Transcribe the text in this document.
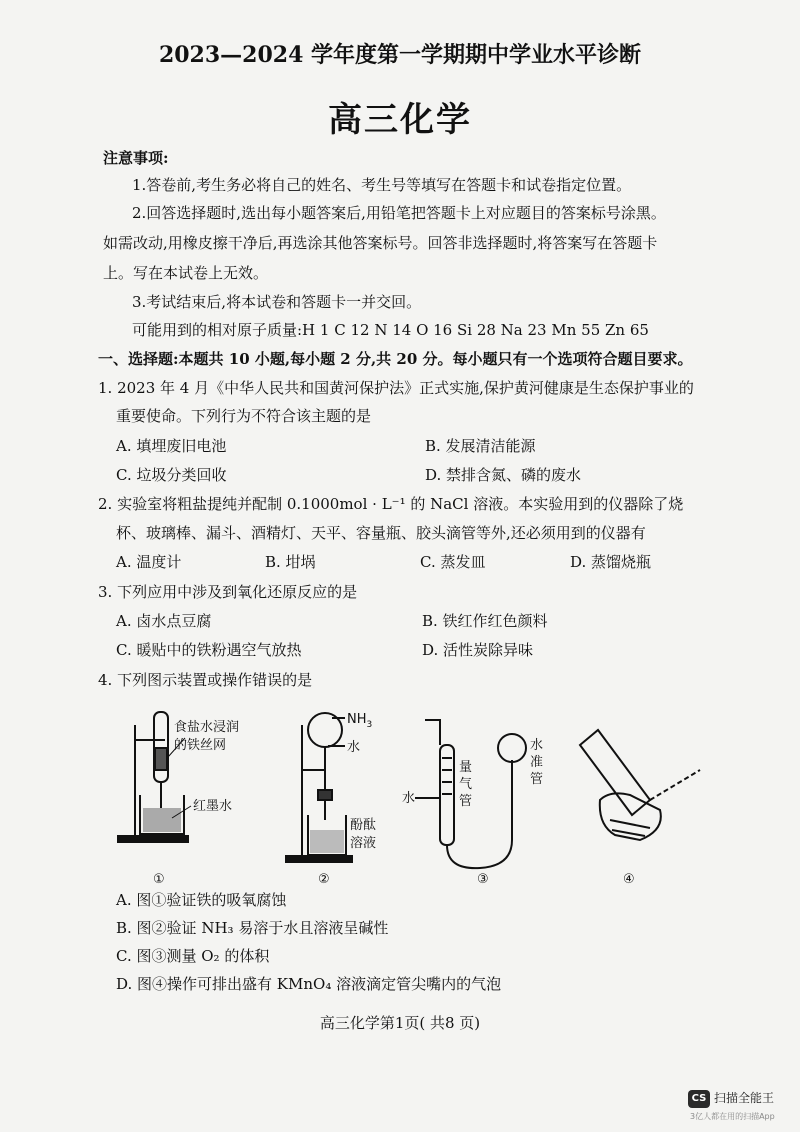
2023—2024 学年度第一学期期中学业水平诊断
高三化学
注意事项:
1.答卷前,考生务必将自己的姓名、考生号等填写在答题卡和试卷指定位置。
2.回答选择题时,选出每小题答案后,用铅笔把答题卡上对应题目的答案标号涂黑。
如需改动,用橡皮擦干净后,再选涂其他答案标号。回答非选择题时,将答案写在答题卡
上。写在本试卷上无效。
3.考试结束后,将本试卷和答题卡一并交回。
可能用到的相对原子质量:H 1 C 12 N 14 O 16 Si 28 Na 23 Mn 55 Zn 65
一、选择题:本题共 10 小题,每小题 2 分,共 20 分。每小题只有一个选项符合题目要求。
1. 2023 年 4 月《中华人民共和国黄河保护法》正式实施,保护黄河健康是生态保护事业的
重要使命。下列行为不符合该主题的是
A. 填埋废旧电池	B. 发展清洁能源
C. 垃圾分类回收	D. 禁排含氮、磷的废水
2. 实验室将粗盐提纯并配制 0.1000mol · L⁻¹ 的 NaCl 溶液。本实验用到的仪器除了烧
杯、玻璃棒、漏斗、酒精灯、天平、容量瓶、胶头滴管等外,还必须用到的仪器有
A. 温度计	B. 坩埚	C. 蒸发皿	D. 蒸馏烧瓶
3. 下列应用中涉及到氧化还原反应的是
A. 卤水点豆腐	B. 铁红作红色颜料
C. 暖贴中的铁粉遇空气放热	D. 活性炭除异味
4. 下列图示装置或操作错误的是
食盐水浸润
的铁丝网
红墨水
$NH_3$
水
酚酞
溶液
水
量
气
管
水
准
管
①	②	③	④
A. 图①验证铁的吸氧腐蚀
B. 图②验证 NH₃ 易溶于水且溶液呈碱性
C. 图③测量 O₂ 的体积
D. 图④操作可排出盛有 KMnO₄ 溶液滴定管尖嘴内的气泡
高三化学第1页( 共8 页)
CS 扫描全能王
3亿人都在用的扫描App
